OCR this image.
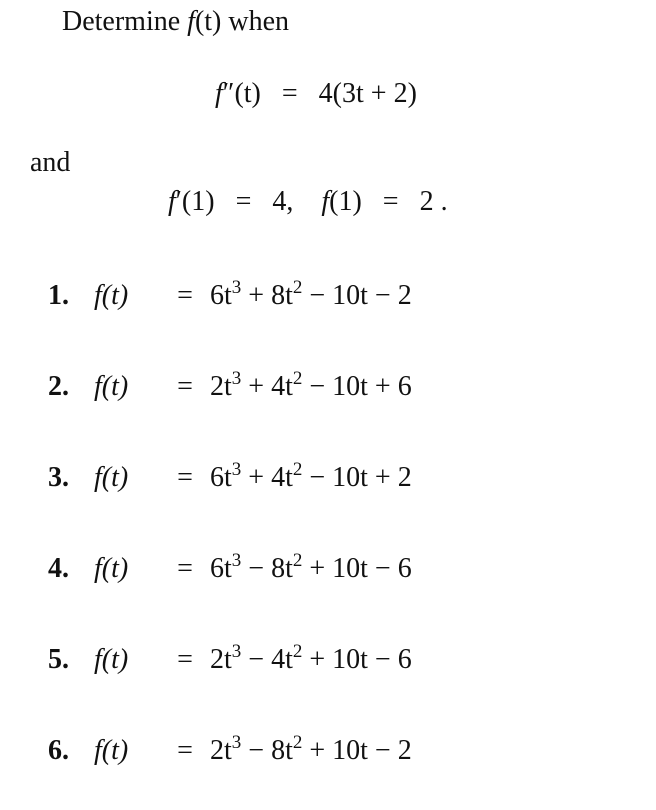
Determine f(t) when
f″(t) = 4(3t + 2)
and
f′(1) = 4, f(1) = 2 .
1. $f(t) = 6t^3 + 8t^2 - 10t - 2$
2. $f(t) = 2t^3 + 4t^2 - 10t + 6$
3. $f(t) = 6t^3 + 4t^2 - 10t + 2$
4. $f(t) = 6t^3 - 8t^2 + 10t - 6$
5. $f(t) = 2t^3 - 4t^2 + 10t - 6$
6. $f(t) = 2t^3 - 8t^2 + 10t - 2$
